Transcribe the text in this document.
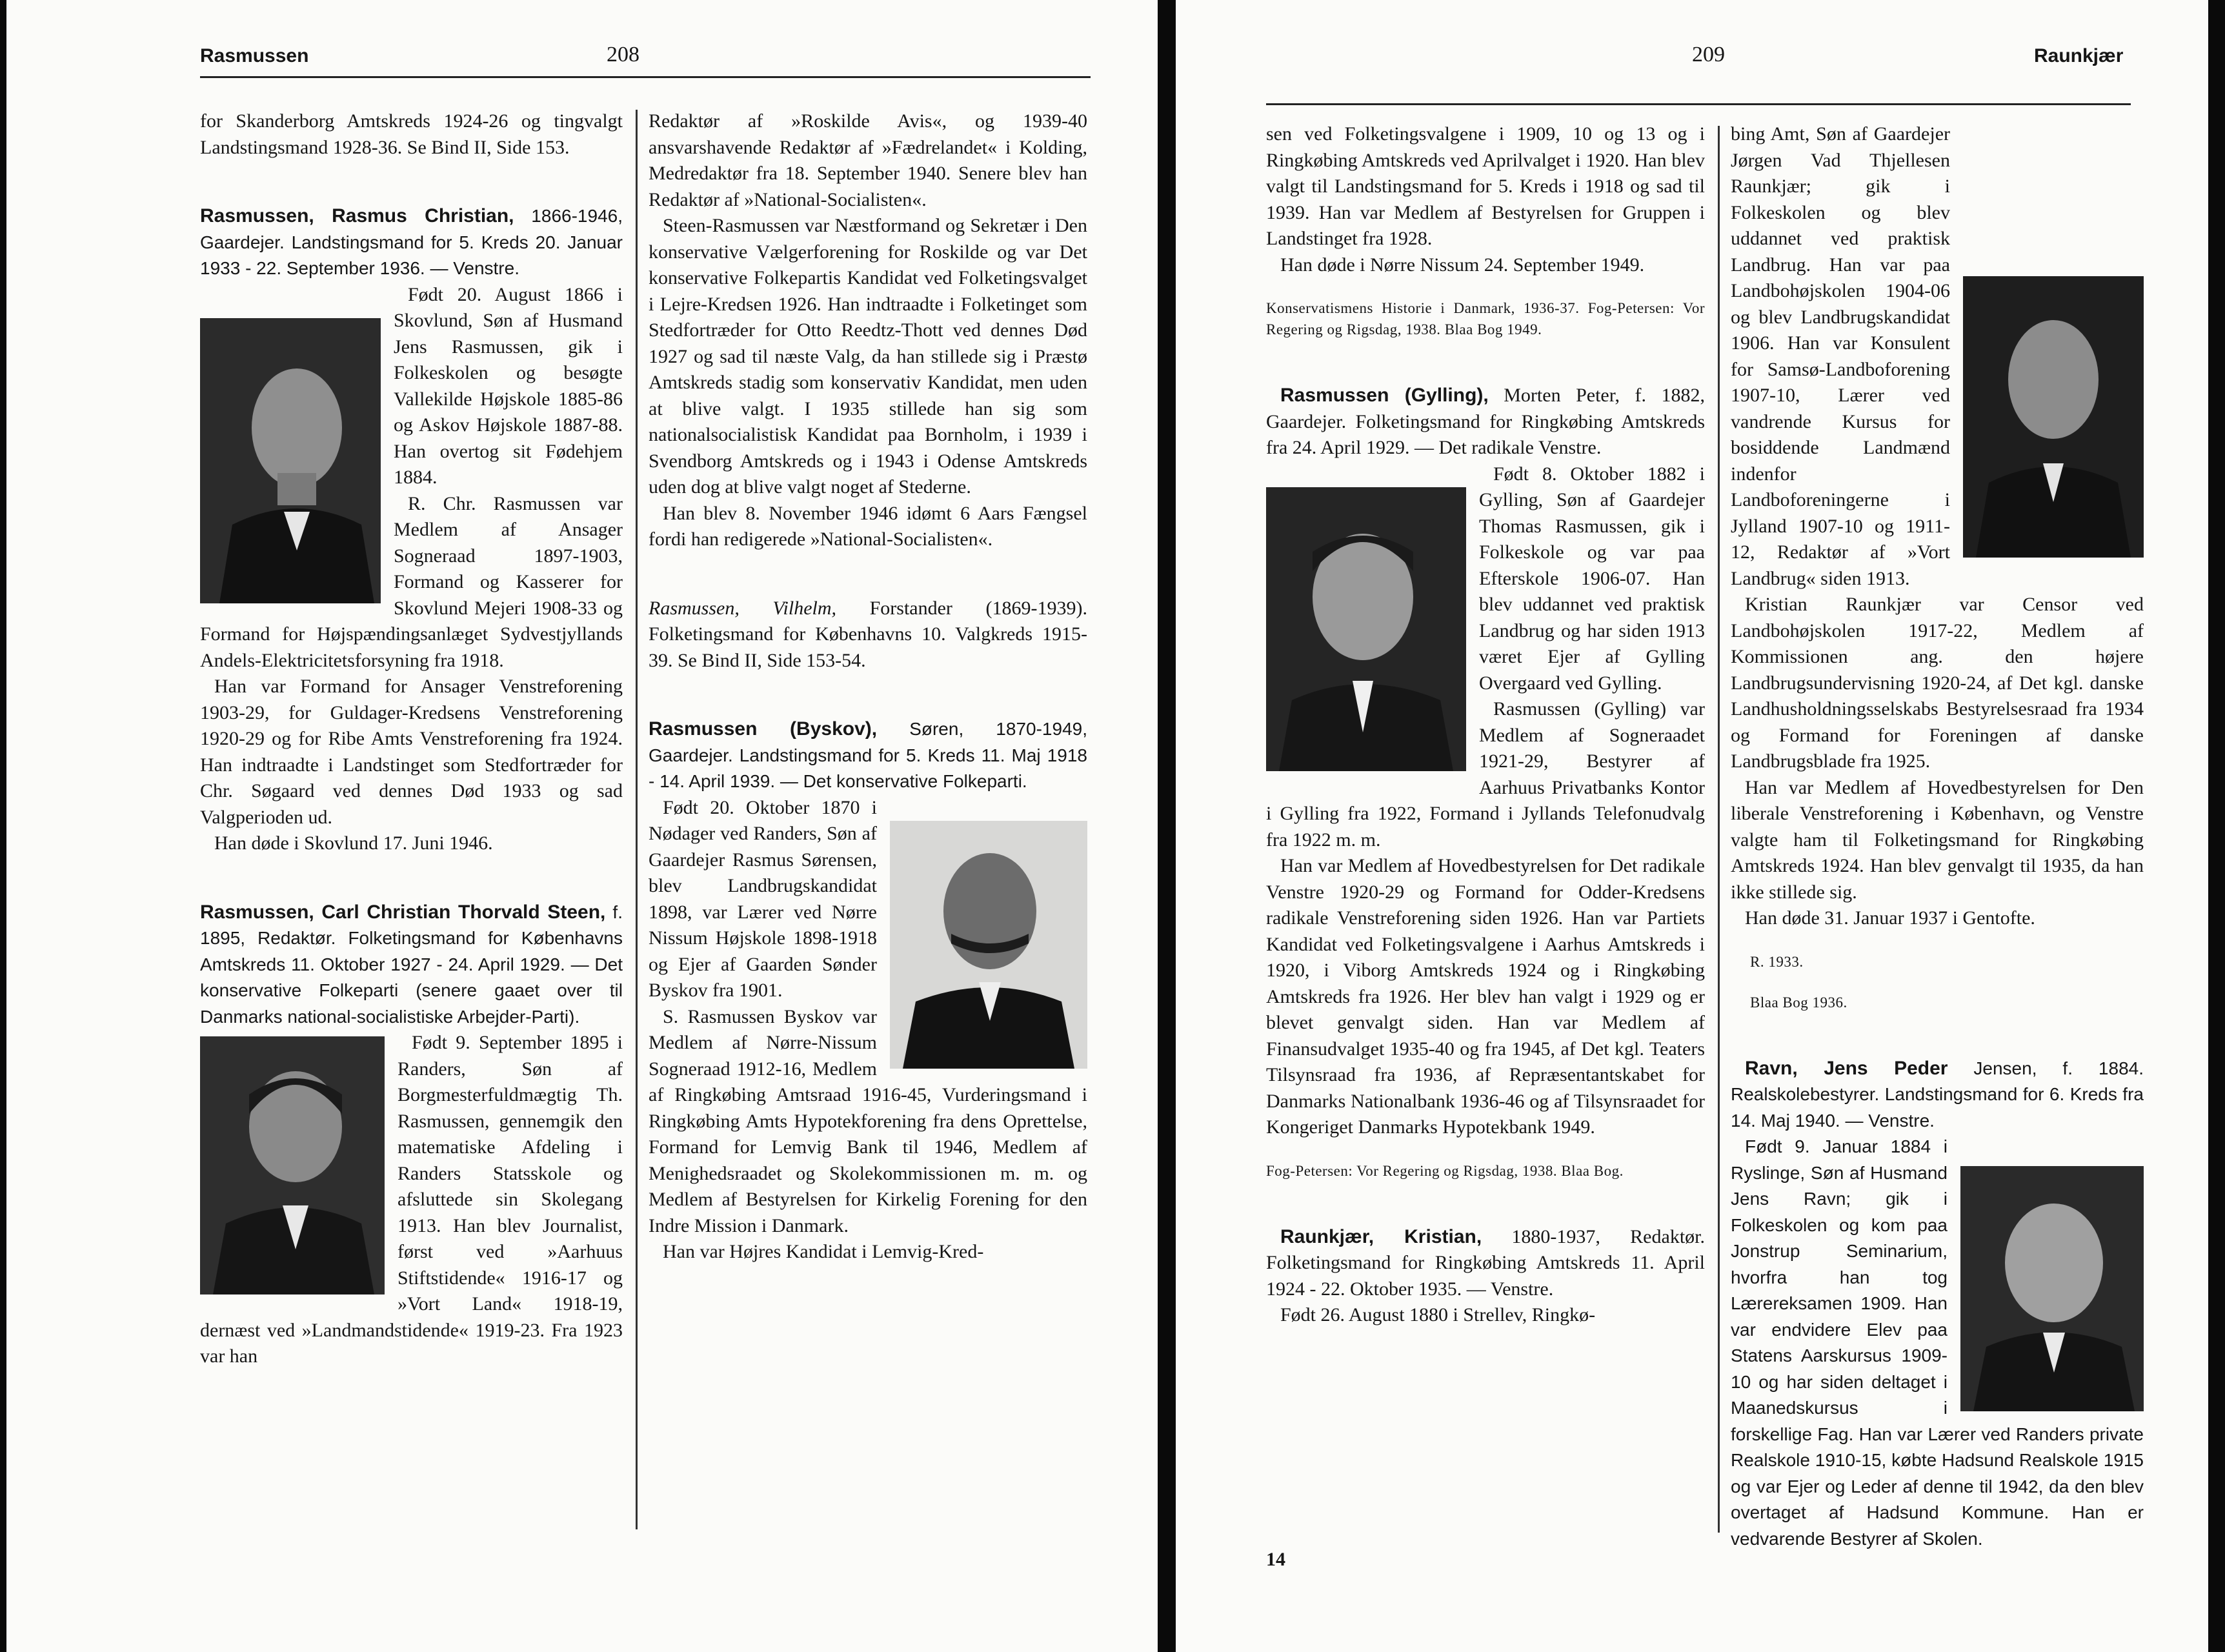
Rasmussen	208

for Skanderborg Amtskreds 1924-26 og tingvalgt Landstingsmand 1928-36. Se Bind II, Side 153.

Rasmussen, Rasmus Christian, 1866-1946, Gaardejer. Landstingsmand for 5. Kreds 20. Januar 1933 - 22. September 1936. — Venstre.

Født 20. August 1866 i Skovlund, Søn af Husmand Jens Rasmussen, gik i Folkeskolen og besøgte Vallekilde Højskole 1885-86 og Askov Højskole 1887-88. Han overtog sit Fødehjem 1884.

R. Chr. Rasmussen var Medlem af Ansager Sogneraad 1897-1903, Formand og Kasserer for Skovlund Mejeri 1908-33 og Formand for Højspændingsanlæget Sydvestjyllands Andels-Elektricitetsforsyning fra 1918.

Han var Formand for Ansager Venstreforening 1903-29, for Guldager-Kredsens Venstreforening 1920-29 og for Ribe Amts Venstreforening fra 1924. Han indtraadte i Landstinget som Stedfortræder for Chr. Søgaard ved dennes Død 1933 og sad Valgperioden ud.

Han døde i Skovlund 17. Juni 1946.

Rasmussen, Carl Christian Thorvald Steen, f. 1895, Redaktør. Folketingsmand for Københavns Amtskreds 11. Oktober 1927 - 24. April 1929. — Det konservative Folkeparti (senere gaaet over til Danmarks national-socialistiske Arbejder-Parti).

Født 9. September 1895 i Randers, Søn af Borgmesterfuldmægtig Th. Rasmussen, gennemgik den matematiske Afdeling i Randers Statsskole og afsluttede sin Skolegang 1913. Han blev Journalist, først ved »Aarhuus Stiftstidende« 1916-17 og »Vort Land« 1918-19, dernæst ved »Landmandstidende« 1919-23. Fra 1923 var han

Redaktør af »Roskilde Avis«, og 1939-40 ansvarshavende Redaktør af »Fædrelandet« i Kolding, Medredaktør fra 18. September 1940. Senere blev han Redaktør af »National-Socialisten«.

Steen-Rasmussen var Næstformand og Sekretær i Den konservative Vælgerforening for Roskilde og var Det konservative Folkepartis Kandidat ved Folketingsvalget i Lejre-Kredsen 1926. Han indtraadte i Folketinget som Stedfortræder for Otto Reedtz-Thott ved dennes Død 1927 og sad til næste Valg, da han stillede sig i Præstø Amtskreds stadig som konservativ Kandidat, men uden at blive valgt. I 1935 stillede han sig som nationalsocialistisk Kandidat paa Bornholm, i 1939 i Svendborg Amtskreds og i 1943 i Odense Amtskreds uden dog at blive valgt noget af Stederne.

Han blev 8. November 1946 idømt 6 Aars Fængsel fordi han redigerede »National-Socialisten«.

Rasmussen, Vilhelm, Forstander (1869-1939). Folketingsmand for Københavns 10. Valgkreds 1915-39. Se Bind II, Side 153-54.

Rasmussen (Byskov), Søren, 1870-1949, Gaardejer. Landstingsmand for 5. Kreds 11. Maj 1918 - 14. April 1939. — Det konservative Folkeparti.

Født 20. Oktober 1870 i Nødager ved Randers, Søn af Gaardejer Rasmus Sørensen, blev Landbrugskandidat 1898, var Lærer ved Nørre Nissum Højskole 1898-1918 og Ejer af Gaarden Sønder Byskov fra 1901.

S. Rasmussen Byskov var Medlem af Nørre-Nissum Sogneraad 1912-16, Medlem af Ringkøbing Amtsraad 1916-45, Vurderingsmand i Ringkøbing Amts Hypotekforening fra dens Oprettelse, Formand for Lemvig Bank til 1946, Medlem af Menighedsraadet og Skolekommissionen m. m. og Medlem af Bestyrelsen for Kirkelig Forening for den Indre Mission i Danmark.

Han var Højres Kandidat i Lemvig-Kred-

209	Raunkjær

sen ved Folketingsvalgene i 1909, 10 og 13 og i Ringkøbing Amtskreds ved Aprilvalget i 1920. Han blev valgt til Landstingsmand for 5. Kreds i 1918 og sad til 1939. Han var Medlem af Bestyrelsen for Gruppen i Landstinget fra 1928.

Han døde i Nørre Nissum 24. September 1949.

Konservatismens Historie i Danmark, 1936-37. Fog-Petersen: Vor Regering og Rigsdag, 1938. Blaa Bog 1949.

Rasmussen (Gylling), Morten Peter, f. 1882, Gaardejer. Folketingsmand for Ringkøbing Amtskreds fra 24. April 1929. — Det radikale Venstre.

Født 8. Oktober 1882 i Gylling, Søn af Gaardejer Thomas Rasmussen, gik i Folkeskole og var paa Efterskole 1906-07. Han blev uddannet ved praktisk Landbrug og har siden 1913 været Ejer af Gylling Overgaard ved Gylling.

Rasmussen (Gylling) var Medlem af Sogneraadet 1921-29, Bestyrer af Aarhuus Privatbanks Kontor i Gylling fra 1922, Formand i Jyllands Telefonudvalg fra 1922 m. m.

Han var Medlem af Hovedbestyrelsen for Det radikale Venstre 1920-29 og Formand for Odder-Kredsens radikale Venstreforening siden 1926. Han var Partiets Kandidat ved Folketingsvalgene i Aarhus Amtskreds i 1920, i Viborg Amtskreds 1924 og i Ringkøbing Amtskreds fra 1926. Her blev han valgt i 1929 og er blevet genvalgt siden. Han var Medlem af Finansudvalget 1935-40 og fra 1945, af Det kgl. Teaters Tilsynsraad fra 1936, af Repræsentantskabet for Danmarks Nationalbank 1936-46 og af Tilsynsraadet for Kongeriget Danmarks Hypotekbank 1949.

Fog-Petersen: Vor Regering og Rigsdag, 1938. Blaa Bog.

Raunkjær, Kristian, 1880-1937, Redaktør. Folketingsmand for Ringkøbing Amtskreds 11. April 1924 - 22. Oktober 1935. — Venstre.

Født 26. August 1880 i Strellev, Ringkø-

14

bing Amt, Søn af Gaardejer Jørgen Vad Thjellesen Raunkjær; gik i Folkeskolen og blev uddannet ved praktisk Landbrug. Han var paa Landbohøjskolen 1904-06 og blev Landbrugskandidat 1906. Han var Konsulent for Samsø-Landboforening 1907-10, Lærer ved vandrende Kursus for bosiddende Landmænd indenfor Landboforeningerne i Jylland 1907-10 og 1911-12, Redaktør af »Vort Landbrug« siden 1913.

Kristian Raunkjær var Censor ved Landbohøjskolen 1917-22, Medlem af Kommissionen ang. den højere Landbrugsundervisning 1920-24, af Det kgl. danske Landhusholdningsselskabs Bestyrelsesraad fra 1934 og Formand for Foreningen af danske Landbrugsblade fra 1925.

Han var Medlem af Hovedbestyrelsen for Den liberale Venstreforening i København, og Venstre valgte ham til Folketingsmand for Ringkøbing Amtskreds 1924. Han blev genvalgt til 1935, da han ikke stillede sig.

Han døde 31. Januar 1937 i Gentofte.

R. 1933.

Blaa Bog 1936.

Ravn, Jens Peder Jensen, f. 1884. Realskolebestyrer. Landstingsmand for 6. Kreds fra 14. Maj 1940. — Venstre.

Født 9. Januar 1884 i Ryslinge, Søn af Husmand Jens Ravn; gik i Folkeskolen og kom paa Jonstrup Seminarium, hvorfra han tog Lærereksamen 1909. Han var endvidere Elev paa Statens Aarskursus 1909-10 og har siden deltaget i Maanedskursus i forskellige Fag. Han var Lærer ved Randers private Realskole 1910-15, købte Hadsund Realskole 1915 og var Ejer og Leder af denne til 1942, da den blev overtaget af Hadsund Kommune. Han er vedvarende Bestyrer af Skolen.
